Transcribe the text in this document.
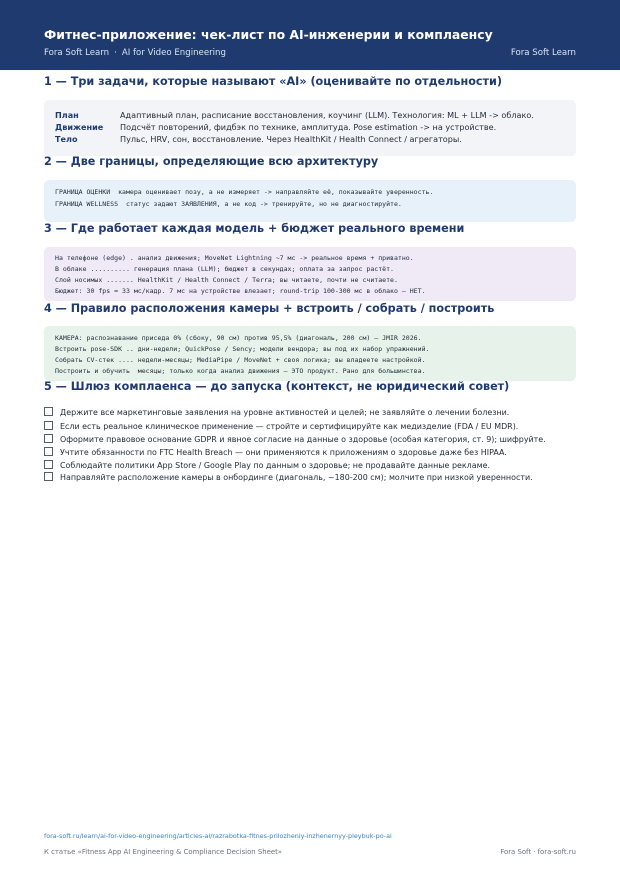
Фитнес-приложение: чек-лист по AI-инженерии и комплаенсу
Fora Soft Learn · AI for Video Engineering	Fora Soft Learn
1 — Три задачи, которые называют «AI» (оценивайте по отдельности)
План	Адаптивный план, расписание восстановления, коучинг (LLM). Технология: ML + LLM -> облако.
Движение Подсчёт повторений, фидбэк по технике, амплитуда. Pose estimation -> на устройстве.
Тело	Пульс, HRV, сон, восстановление. Через HealthKit / Health Connect / агрегаторы.
2 — Две границы, определяющие всю архитектуру
ГРАНИЦА ОЦЕНКИ  камера оценивает позу, а не измеряет -> направляйте её, показывайте уверенность.
ГРАНИЦА WELLNESS  статус задают ЗАЯВЛЕНИЯ, а не код -> тренируйте, но не диагностируйте.
3 — Где работает каждая модель + бюджет реального времени
На телефоне (edge) . анализ движения; MoveNet Lightning ~7 мс -> реальное время + приватно.
В облаке .......... генерация плана (LLM); бюджет в секундах; оплата за запрос растёт.
Слой носимых ....... HealthKit / Health Connect / Terra; вы читаете, почти не считаете.
Бюджет: 30 fps = 33 мс/кадр. 7 мс на устройстве влезает; round-trip 100-300 мс в облако — НЕТ.
4 — Правило расположения камеры + встроить / собрать / построить
КАМЕРА: распознавание приседа 0% (сбоку, 90 см) против 95,5% (диагональ, 200 см) — JMIR 2026.
Встроить pose-SDK .. дни-недели; QuickPose / Sency; модели вендора; вы под их набор упражнений.
Собрать CV-стек .... недели-месяцы; MediaPipe / MoveNet + своя логика; вы владеете настройкой.
Построить и обучить  месяцы; только когда анализ движения — ЭТО продукт. Рано для большинства.
5 — Шлюз комплаенса — до запуска (контекст, не юридический совет)
Держите все маркетинговые заявления на уровне активностей и целей; не заявляйте о лечении болезни.
Если есть реальное клиническое применение — стройте и сертифицируйте как медизделие (FDA / EU MDR).
Оформите правовое основание GDPR и явное согласие на данные о здоровье (особая категория, ст. 9); шифруйте.
Учтите обязанности по FTC Health Breach — они применяются к приложениям о здоровье даже без HIPAA.
Соблюдайте политики App Store / Google Play по данным о здоровье; не продавайте данные рекламе.
Направляйте расположение камеры в онбординге (диагональ, ~180-200 см); молчите при низкой уверенности.
fora-soft.ru/learn/ai-for-video-engineering/articles-ai/razrabotka-fitnes-prilozheniy-inzhenernyy-pleybuk-po-ai
К статье «Fitness App AI Engineering & Compliance Decision Sheet»	Fora Soft · fora-soft.ru
